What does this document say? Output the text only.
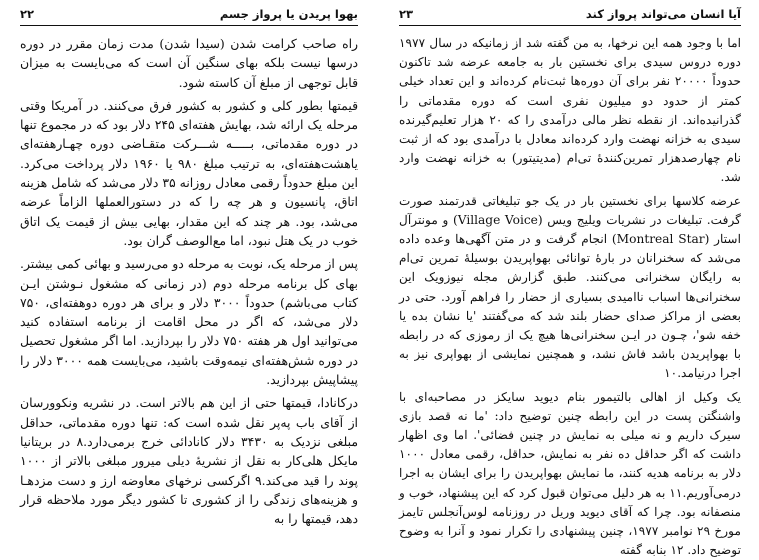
بهوا پریدن یا پرواز جسم
۲۲

راه صاحب کرامت شدن (سیدا شدن) مدت زمان مقرر در دوره درسها نیست بلکه بهای سنگین آن است که می‌بایست به میزان قابل توجهی از مبلغ آن کاسته شود.

قیمتها بطور کلی و کشور به کشور فرق می‌کنند. در آمریکا وقتی مرحله یک ارائه شد، بهایش هفته‌ای ۲۴۵ دلار بود که در مجموع تنها در دوره مقدماتی، بـــــه شـــرکت متقـاضی دوره چهـارهفته‌ای یاهشت‌هفته‌ای، به ترتیب مبلغ ۹۸۰ یا ۱۹۶۰ دلار پرداخت می‌کرد. این مبلغ حدوداً رقمی معادل روزانه ۳۵ دلار می‌شد که شامل هزینه اتاق، پانسیون و هر چه را که در دستورالعملها الزاماً عرضه می‌شد، بود. هر چند که این مقدار، بهایی بیش از قیمت یک اتاق خوب در یک هتل نبود، اما مع‌الوصف گران بود.

پس از مرحله یک، نوبت به مرحله دو می‌رسید و بهائی کمی بیشتر. بهای کل برنامه مرحله دوم (در زمانی که مشغول نـوشتن ایـن کتاب می‌باشم) حدوداً ۳۰۰۰ دلار و برای هر دوره دوهفته‌ای، ۷۵۰ دلار می‌شد، که اگر در محل اقامت از برنامه استفاده کنید می‌توانید اول هر هفته ۷۵۰ دلار را بپردازید. اما اگر مشغول تحصیل در دوره شش‌هفته‌ای نیمه‌وقت باشید، می‌بایست همه ۳۰۰۰ دلار را پیشاپیش بپردازید.

درکانادا، قیمتها حتی از این هم بالاتر است. در نشریه ونکوورسان از آقای باب په‌پر نقل شده است که: تنها دوره مقدماتی، حداقل مبلغی نزدیک به ۳۴۳۰ دلار کانادائی خرج برمی‌دارد.۸ در بریتانیا مایکل هلی‌کار به نقل از نشریهٔ دیلی میرور مبلغی بالاتر از ۱۰۰۰ پوند را قید می‌کند.۹ اگرکسی نرخهای معاوضه ارز و دست مزدهـا و هزینه‌های زندگی را از کشوری تا کشور دیگر مورد ملاحظه قرار دهد، قیمتها را به

آیا انسان می‌تواند پرواز کند
۲۳

اما با وجود همه این نرخها، به من گفته شد از زمانیکه در سال ۱۹۷۷ دوره دروس سیدی برای نخستین بار به جامعه عرضه شد تاکنون حدوداً ۲۰۰۰۰ نفر برای آن دوره‌ها ثبت‌نام کرده‌اند و این تعداد خیلی کمتر از حدود دو میلیون نفری است که دوره مقدماتی را گذرانیده‌اند. از نقطه نظر مالی درآمدی را که ۲۰ هزار تعلیم‌گیرنده سیدی به خزانه نهضت وارد کرده‌اند معادل با درآمدی بود که از ثبت نام چهارصدهزار تمرین‌کنندهٔ تی‌ام (مدیتیتور) به خزانه نهضت وارد شد.

عرضه کلاسها برای نخستین بار در یک جو تبلیغاتی قدرتمند صورت گرفت. تبلیغات در نشریات ویلیج ویس (Village Voice) و مونترآل استار (Montreal Star) انجام گرفت و در متن آگهی‌ها وعده داده می‌شد که سخنرانان در بارهٔ توانائی بهواپریدن بوسیلهٔ تمرین تی‌ام به رایگان سخنرانی می‌کنند. طبق گزارش مجله نیوزویک این سخنرانی‌ها اسباب ناامیدی بسیاری از حضار را فراهم آورد. حتی در بعضی از مراکز صدای حضار بلند شد که می‌گفتند 'یا نشان بده یا خفه شو'، چـون در ایـن سخنرانی‌ها هیچ یک از رموزی که در رابطه با بهواپریدن باشد فاش نشد، و همچنین نمایشی از بهواپری نیز به اجرا درنیامد.۱۰

یک وکیل از اهالی بالتیمور بنام دیوید سایکز در مصاحبه‌ای با واشنگتن پست در این رابطه چنین توضیح داد: 'ما نه قصد بازی سیرک داریم و نه میلی به نمایش در چنین فضائی'. اما وی اظهار داشت که اگر حداقل ده نفر به نمایش، حداقل، رقمی معادل ۱۰۰۰ دلار به برنامه هدیه کنند، ما نمایش بهواپریدن را برای ایشان به اجرا درمی‌آوریم.۱۱ به هر دلیل می‌توان قبول کرد که این پیشنهاد، خوب و منصفانه بود. چرا که آقای دیوید وریل در روزنامه لوس‌آنجلس تایمز مورخ ۲۹ نوامبر ۱۹۷۷، چنین پیشنهادی را تکرار نمود و آنرا به وضوح توضیح داد. ۱۲ بنابه گفته
